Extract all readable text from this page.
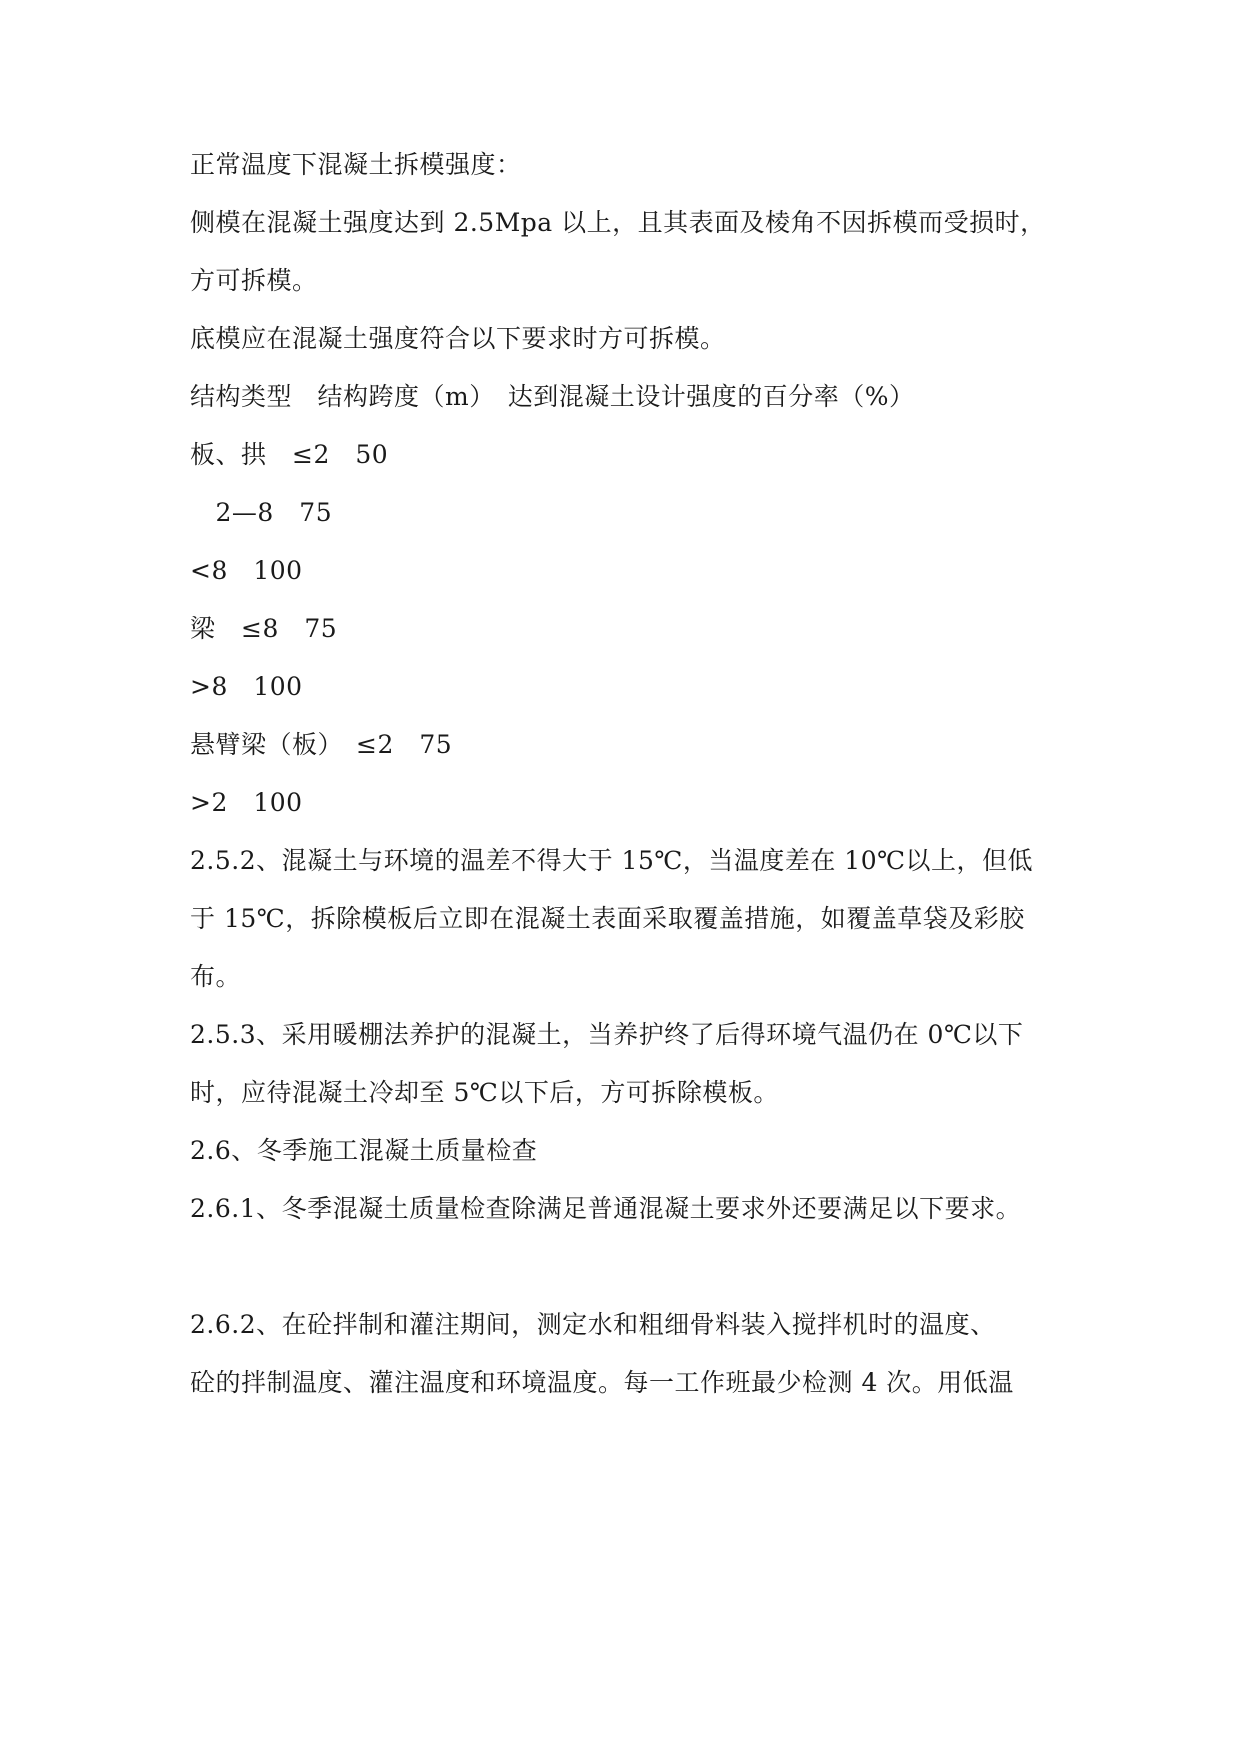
正常温度下混凝土拆模强度：

侧模在混凝土强度达到 2.5Mpa 以上，且其表面及棱角不因拆模而受损时，

方可拆模。

底模应在混凝土强度符合以下要求时方可拆模。

结构类型　结构跨度（m）　达到混凝土设计强度的百分率（%）

板、拱　≤2　50

　2—8　75

<8　100

梁　≤8　75

>8　100

悬臂梁（板）　≤2　75

>2　100

2.5.2、混凝土与环境的温差不得大于 15℃，当温度差在 10℃以上，但低

于 15℃，拆除模板后立即在混凝土表面采取覆盖措施，如覆盖草袋及彩胶

布。

2.5.3、采用暖棚法养护的混凝土，当养护终了后得环境气温仍在 0℃以下

时，应待混凝土冷却至 5℃以下后，方可拆除模板。

2.6、冬季施工混凝土质量检查

2.6.1、冬季混凝土质量检查除满足普通混凝土要求外还要满足以下要求。

2.6.2、在砼拌制和灌注期间，测定水和粗细骨料装入搅拌机时的温度、

砼的拌制温度、灌注温度和环境温度。每一工作班最少检测 4 次。用低温
